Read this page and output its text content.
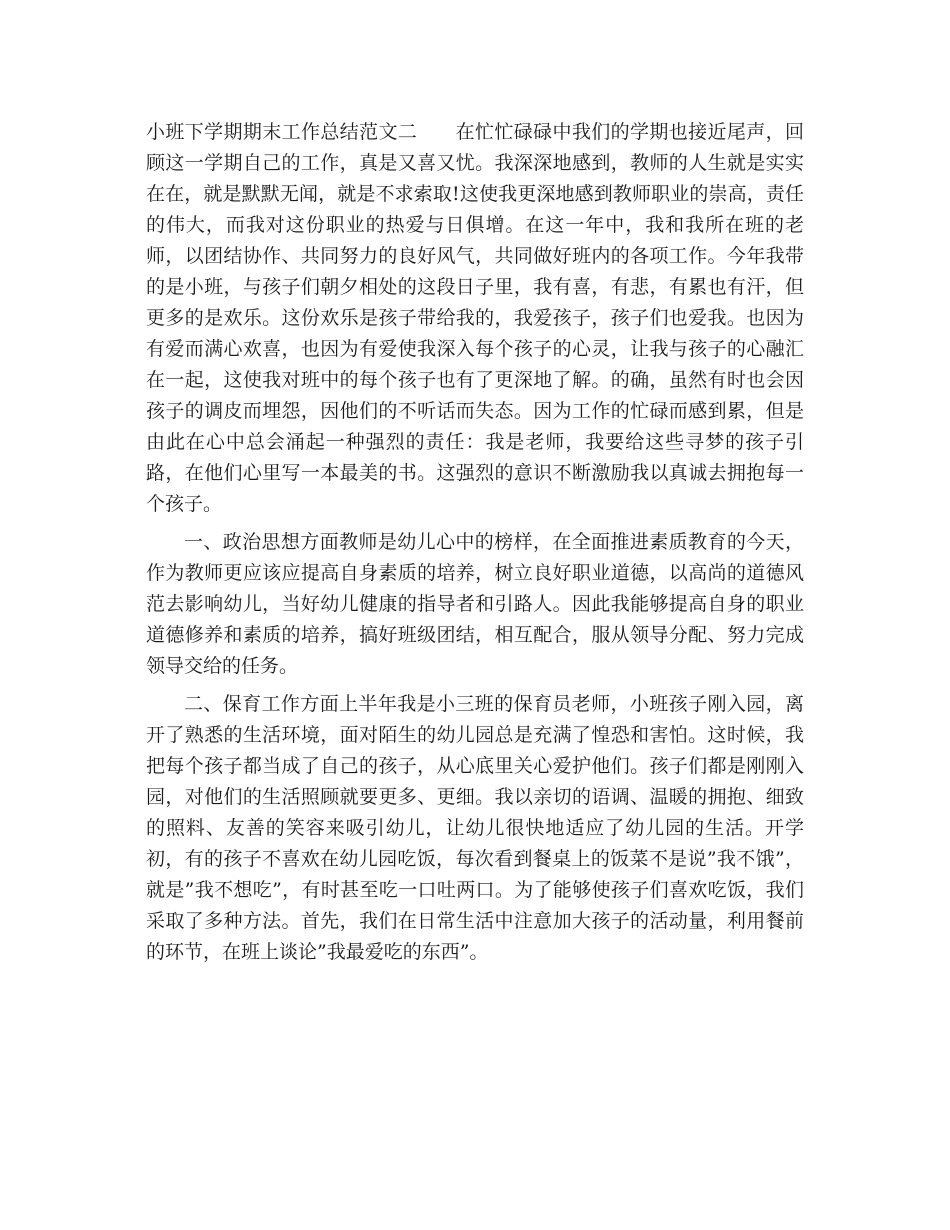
小班下学期期末工作总结范文二 在忙忙碌碌中我们的学期也接近尾声，回顾这一学期自己的工作，真是又喜又忧。我深深地感到，教师的人生就是实实在在，就是默默无闻，就是不求索取!这使我更深地感到教师职业的崇高，责任的伟大，而我对这份职业的热爱与日俱增。在这一年中，我和我所在班的老师，以团结协作、共同努力的良好风气，共同做好班内的各项工作。今年我带的是小班，与孩子们朝夕相处的这段日子里，我有喜，有悲，有累也有汗，但更多的是欢乐。这份欢乐是孩子带给我的，我爱孩子，孩子们也爱我。也因为有爱而满心欢喜，也因为有爱使我深入每个孩子的心灵，让我与孩子的心融汇在一起，这使我对班中的每个孩子也有了更深地了解。的确，虽然有时也会因孩子的调皮而埋怨，因他们的不听话而失态。因为工作的忙碌而感到累，但是由此在心中总会涌起一种强烈的责任：我是老师，我要给这些寻梦的孩子引路，在他们心里写一本最美的书。这强烈的意识不断激励我以真诚去拥抱每一个孩子。

一、政治思想方面教师是幼儿心中的榜样，在全面推进素质教育的今天，作为教师更应该应提高自身素质的培养，树立良好职业道德，以高尚的道德风范去影响幼儿，当好幼儿健康的指导者和引路人。因此我能够提高自身的职业道德修养和素质的培养，搞好班级团结，相互配合，服从领导分配、努力完成领导交给的任务。

二、保育工作方面上半年我是小三班的保育员老师，小班孩子刚入园，离开了熟悉的生活环境，面对陌生的幼儿园总是充满了惶恐和害怕。这时候，我把每个孩子都当成了自己的孩子，从心底里关心爱护他们。孩子们都是刚刚入园，对他们的生活照顾就要更多、更细。我以亲切的语调、温暖的拥抱、细致的照料、友善的笑容来吸引幼儿，让幼儿很快地适应了幼儿园的生活。开学初，有的孩子不喜欢在幼儿园吃饭，每次看到餐桌上的饭菜不是说”我不饿”，就是”我不想吃”，有时甚至吃一口吐两口。为了能够使孩子们喜欢吃饭，我们采取了多种方法。首先，我们在日常生活中注意加大孩子的活动量，利用餐前的环节，在班上谈论”我最爱吃的东西”。
